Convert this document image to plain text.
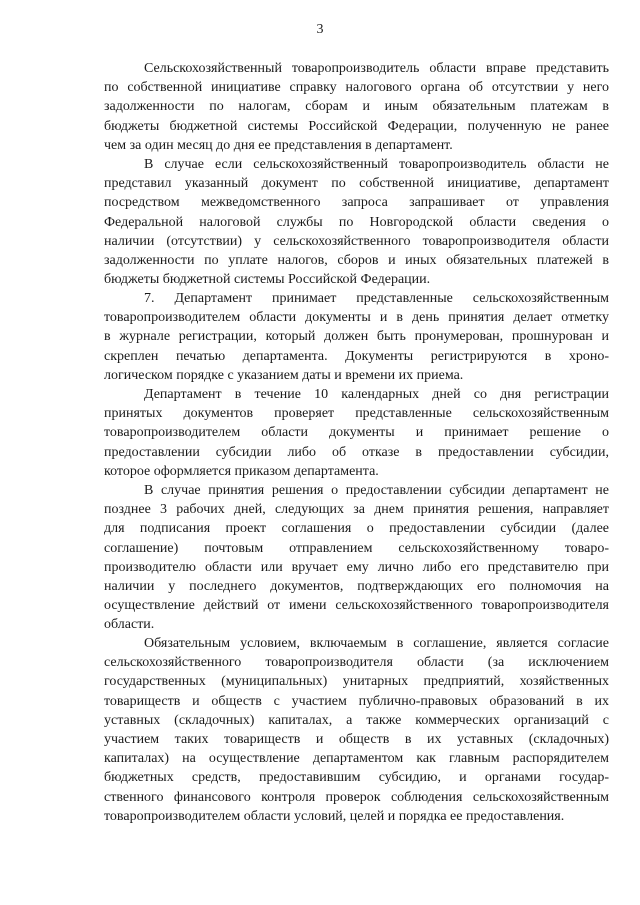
3

Сельскохозяйственный товаропроизводитель области вправе представить
по собственной инициативе справку налогового органа об отсутствии у него
задолженности по налогам, сборам и иным обязательным платежам в
бюджеты бюджетной системы Российской Федерации, полученную не ранее
чем за один месяц до дня ее представления в департамент.

В случае если сельскохозяйственный товаропроизводитель области не
представил указанный документ по собственной инициативе, департамент
посредством межведомственного запроса запрашивает от управления
Федеральной налоговой службы по Новгородской области сведения о
наличии (отсутствии) у сельскохозяйственного товаропроизводителя области
задолженности по уплате налогов, сборов и иных обязательных платежей в
бюджеты бюджетной системы Российской Федерации.

7. Департамент принимает представленные сельскохозяйственным
товаропроизводителем области документы и в день принятия делает отметку
в журнале регистрации, который должен быть пронумерован, прошнурован и
скреплен печатью департамента. Документы регистрируются в хроно-
логическом порядке с указанием даты и времени их приема.

Департамент в течение 10 календарных дней со дня регистрации
принятых документов проверяет представленные сельскохозяйственным
товаропроизводителем области документы и принимает решение о
предоставлении субсидии либо об отказе в предоставлении субсидии,
которое оформляется приказом департамента.

В случае принятия решения о предоставлении субсидии департамент не
позднее 3 рабочих дней, следующих за днем принятия решения, направляет
для подписания проект соглашения о предоставлении субсидии (далее
соглашение) почтовым отправлением сельскохозяйственному товаро-
производителю области или вручает ему лично либо его представителю при
наличии у последнего документов, подтверждающих его полномочия на
осуществление действий от имени сельскохозяйственного товаропроизводителя
области.

Обязательным условием, включаемым в соглашение, является согласие
сельскохозяйственного товаропроизводителя области (за исключением
государственных (муниципальных) унитарных предприятий, хозяйственных
товариществ и обществ с участием публично-правовых образований в их
уставных (складочных) капиталах, а также коммерческих организаций с
участием таких товариществ и обществ в их уставных (складочных)
капиталах) на осуществление департаментом как главным распорядителем
бюджетных средств, предоставившим субсидию, и органами государ-
ственного финансового контроля проверок соблюдения сельскохозяйственным
товаропроизводителем области условий, целей и порядка ее предоставления.
